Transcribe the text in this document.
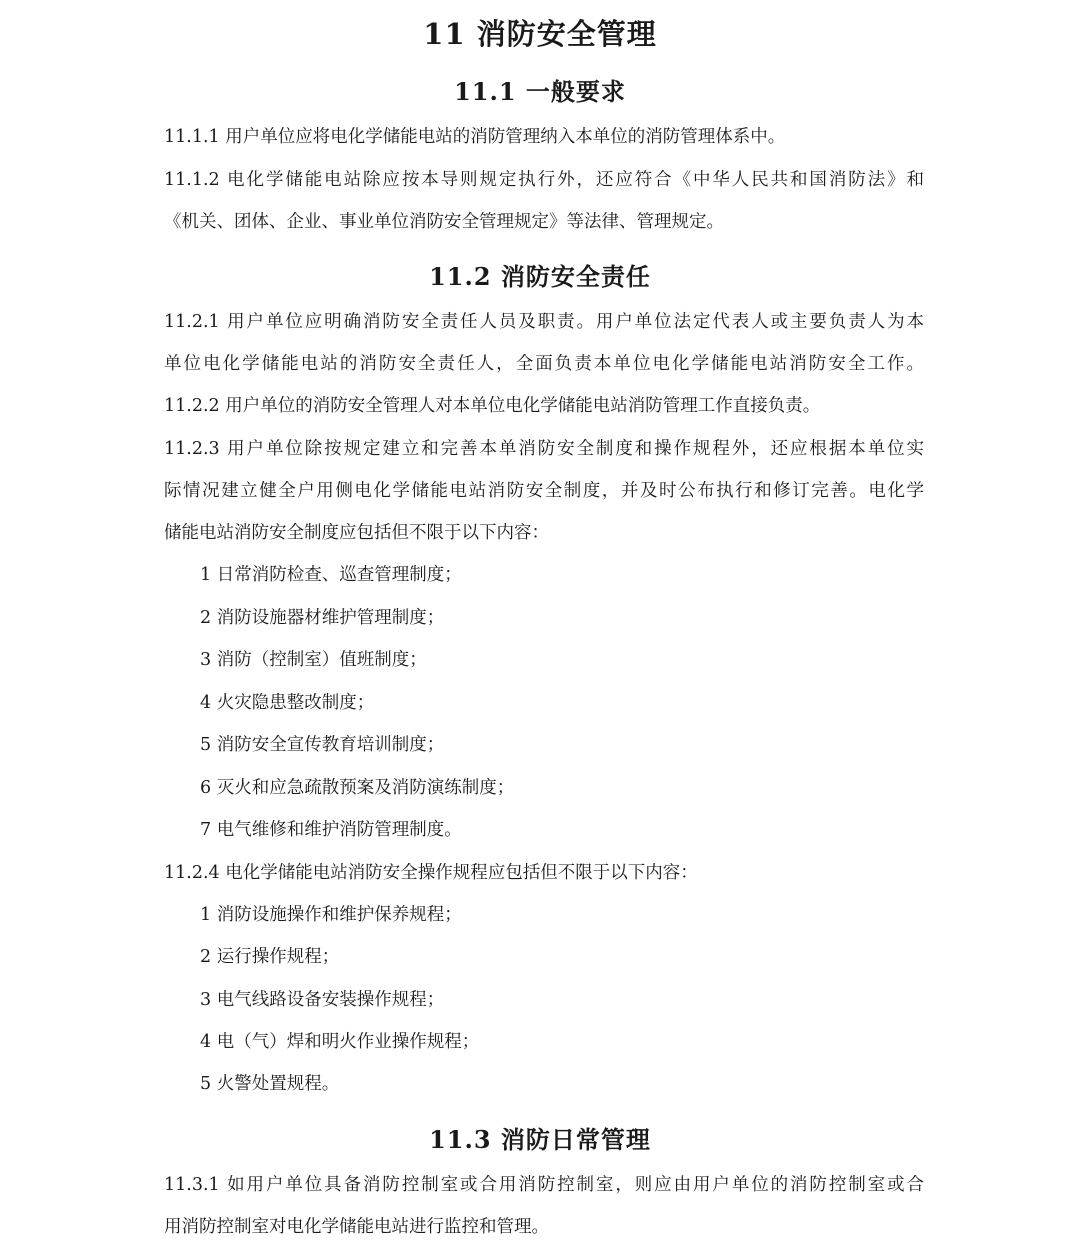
11 消防安全管理
11.1 一般要求
11.1.1 用户单位应将电化学储能电站的消防管理纳入本单位的消防管理体系中。
11.1.2 电化学储能电站除应按本导则规定执行外，还应符合《中华人民共和国消防法》和
《机关、团体、企业、事业单位消防安全管理规定》等法律、管理规定。
11.2 消防安全责任
11.2.1 用户单位应明确消防安全责任人员及职责。用户单位法定代表人或主要负责人为本
单位电化学储能电站的消防安全责任人，全面负责本单位电化学储能电站消防安全工作。
11.2.2 用户单位的消防安全管理人对本单位电化学储能电站消防管理工作直接负责。
11.2.3 用户单位除按规定建立和完善本单消防安全制度和操作规程外，还应根据本单位实
际情况建立健全户用侧电化学储能电站消防安全制度，并及时公布执行和修订完善。电化学
储能电站消防安全制度应包括但不限于以下内容：
1 日常消防检查、巡查管理制度；
2 消防设施器材维护管理制度；
3 消防（控制室）值班制度；
4 火灾隐患整改制度；
5 消防安全宣传教育培训制度；
6 灭火和应急疏散预案及消防演练制度；
7 电气维修和维护消防管理制度。
11.2.4 电化学储能电站消防安全操作规程应包括但不限于以下内容：
1 消防设施操作和维护保养规程；
2 运行操作规程；
3 电气线路设备安装操作规程；
4 电（气）焊和明火作业操作规程；
5 火警处置规程。
11.3 消防日常管理
11.3.1 如用户单位具备消防控制室或合用消防控制室，则应由用户单位的消防控制室或合
用消防控制室对电化学储能电站进行监控和管理。
